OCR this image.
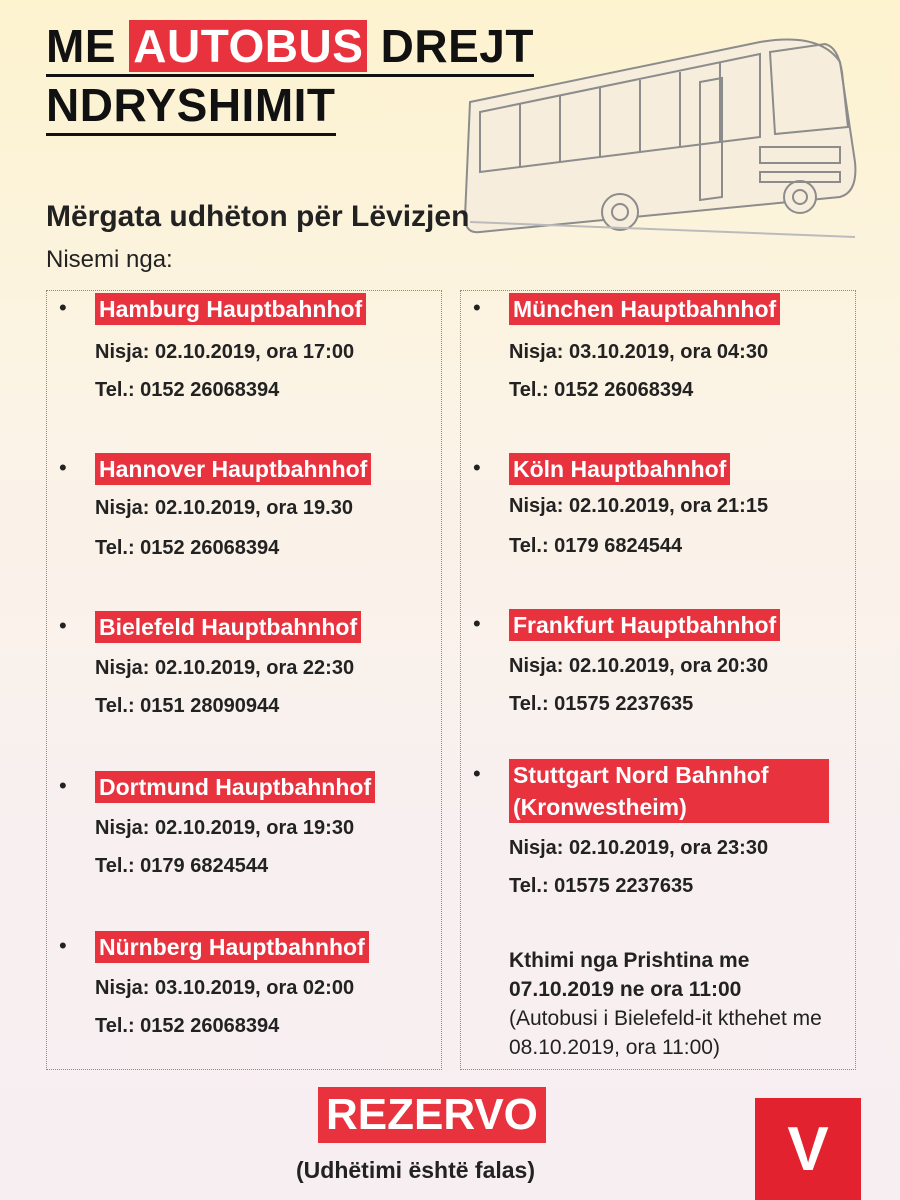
ME AUTOBUS DREJT
NDRYSHIMIT
Mërgata udhëton për Lëvizjen
Nisemi nga:
• Hamburg Hauptbahnhof
Nisja: 02.10.2019, ora 17:00
Tel.: 0152 26068394
• Hannover Hauptbahnhof
Nisja: 02.10.2019, ora 19.30
Tel.: 0152 26068394
• Bielefeld Hauptbahnhof
Nisja: 02.10.2019, ora 22:30
Tel.: 0151 28090944
• Dortmund Hauptbahnhof
Nisja: 02.10.2019, ora 19:30
Tel.: 0179 6824544
• Nürnberg Hauptbahnhof
Nisja: 03.10.2019, ora 02:00
Tel.: 0152 26068394
• München Hauptbahnhof
Nisja: 03.10.2019, ora 04:30
Tel.: 0152 26068394
• Köln Hauptbahnhof
Nisja: 02.10.2019, ora 21:15
Tel.: 0179 6824544
• Frankfurt Hauptbahnhof
Nisja: 02.10.2019, ora 20:30
Tel.: 01575 2237635
• Stuttgart Nord Bahnhof (Kronwestheim)
Nisja: 02.10.2019, ora 23:30
Tel.: 01575 2237635
Kthimi nga Prishtina me
07.10.2019 ne ora 11:00
(Autobusi i Bielefeld-it kthehet me 08.10.2019, ora 11:00)
REZERVO
(Udhëtimi është falas)	V
